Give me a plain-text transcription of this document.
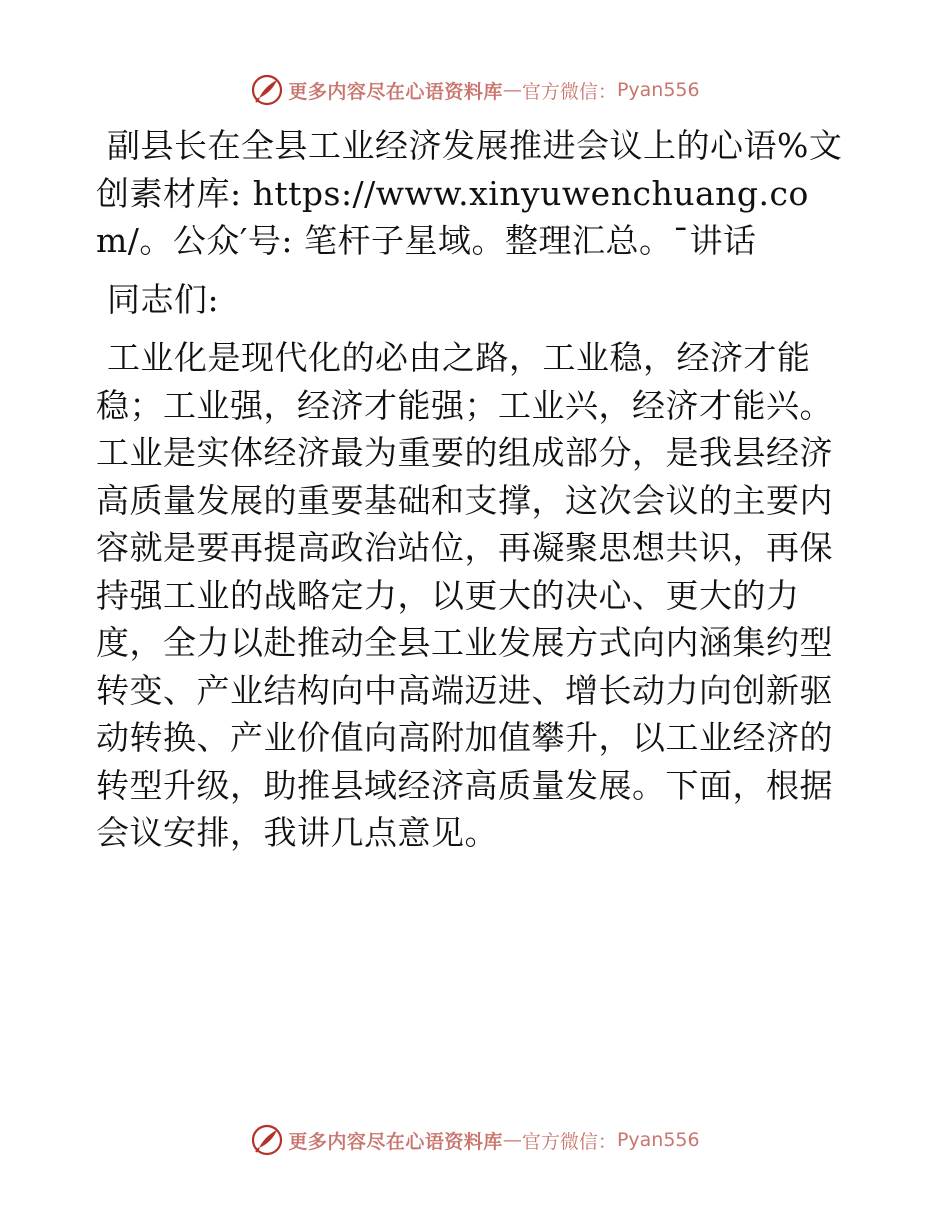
更多内容尽在心语资料库 — 官方微信： Pyan556

副县长在全县工业经济发展推进会议上的心语%文创素材库: https://www.xinyuwenchuang.com/。公众′号: 笔杆子星域。整理汇总。¯讲话

同志们:

工业化是现代化的必由之路，工业稳，经济才能稳；工业强，经济才能强；工业兴，经济才能兴。工业是实体经济最为重要的组成部分，是我县经济高质量发展的重要基础和支撑，这次会议的主要内容就是要再提高政治站位，再凝聚思想共识，再保持强工业的战略定力，以更大的决心、更大的力度，全力以赴推动全县工业发展方式向内涵集约型转变、产业结构向中高端迈进、增长动力向创新驱动转换、产业价值向高附加值攀升，以工业经济的转型升级，助推县域经济高质量发展。下面，根据会议安排，我讲几点意见。

更多内容尽在心语资料库 — 官方微信： Pyan556
